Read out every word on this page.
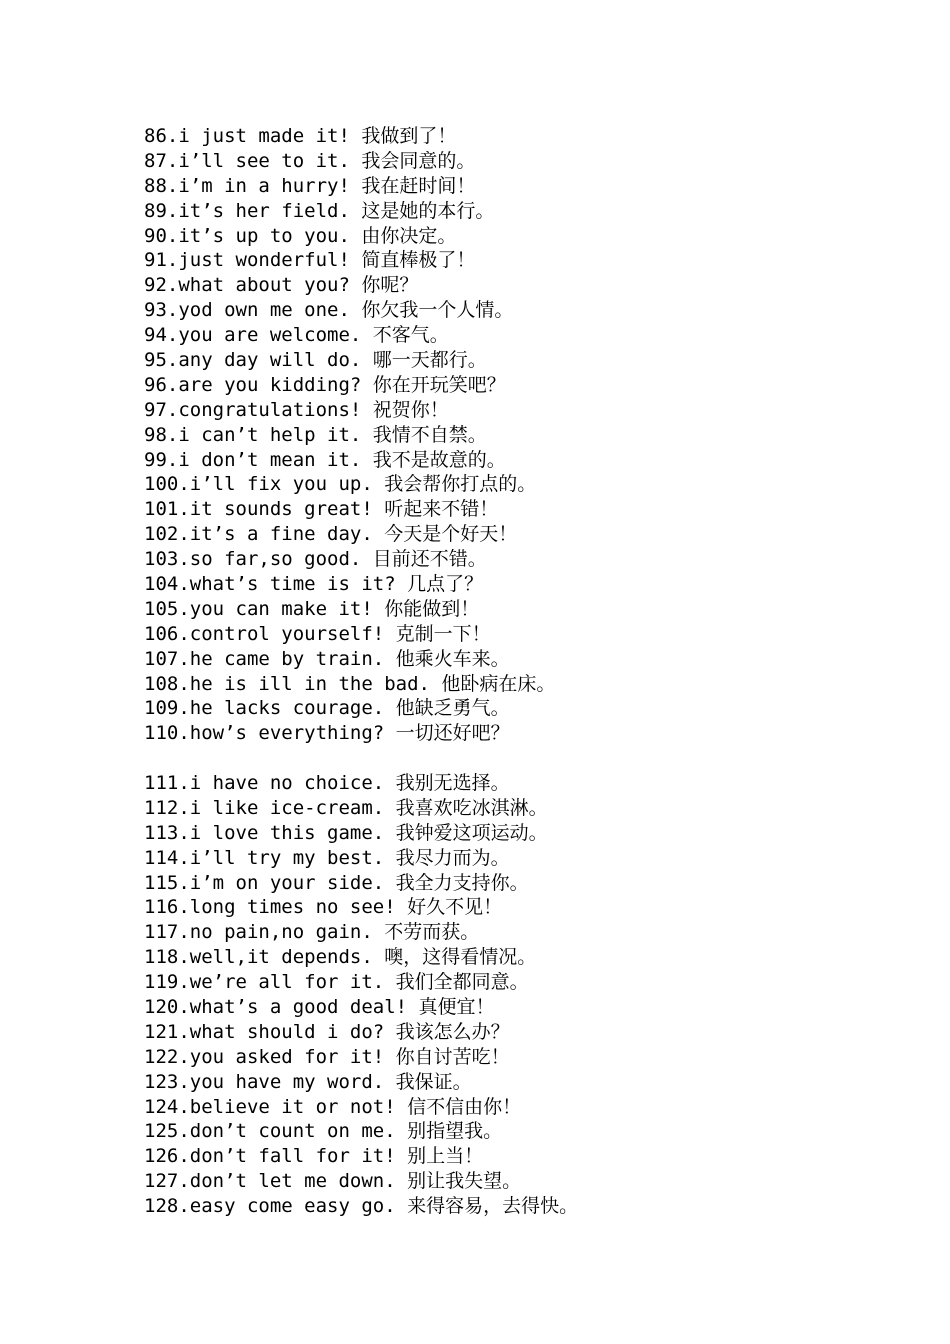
86.i just made it! 我做到了！
87.i’ll see to it. 我会同意的。
88.i’m in a hurry! 我在赶时间！
89.it’s her field. 这是她的本行。
90.it’s up to you. 由你决定。
91.just wonderful! 简直棒极了！
92.what about you? 你呢？
93.yod own me one. 你欠我一个人情。
94.you are welcome. 不客气。
95.any day will do. 哪一天都行。
96.are you kidding? 你在开玩笑吧？
97.congratulations! 祝贺你！
98.i can’t help it. 我情不自禁。
99.i don’t mean it. 我不是故意的。
100.i’ll fix you up. 我会帮你打点的。
101.it sounds great! 听起来不错！
102.it’s a fine day. 今天是个好天！
103.so far,so good. 目前还不错。
104.what’s time is it? 几点了？
105.you can make it! 你能做到！
106.control yourself! 克制一下！
107.he came by train. 他乘火车来。
108.he is ill in the bad. 他卧病在床。
109.he lacks courage. 他缺乏勇气。
110.how’s everything? 一切还好吧？
111.i have no choice. 我别无选择。
112.i like ice-cream. 我喜欢吃冰淇淋。
113.i love this game. 我钟爱这项运动。
114.i’ll try my best. 我尽力而为。
115.i’m on your side. 我全力支持你。
116.long times no see! 好久不见！
117.no pain,no gain. 不劳而获。
118.well,it depends. 噢，这得看情况。
119.we’re all for it. 我们全都同意。
120.what’s a good deal! 真便宜！
121.what should i do? 我该怎么办？
122.you asked for it! 你自讨苦吃！
123.you have my word. 我保证。
124.believe it or not! 信不信由你！
125.don’t count on me. 别指望我。
126.don’t fall for it! 别上当！
127.don’t let me down. 别让我失望。
128.easy come easy go. 来得容易，去得快。
